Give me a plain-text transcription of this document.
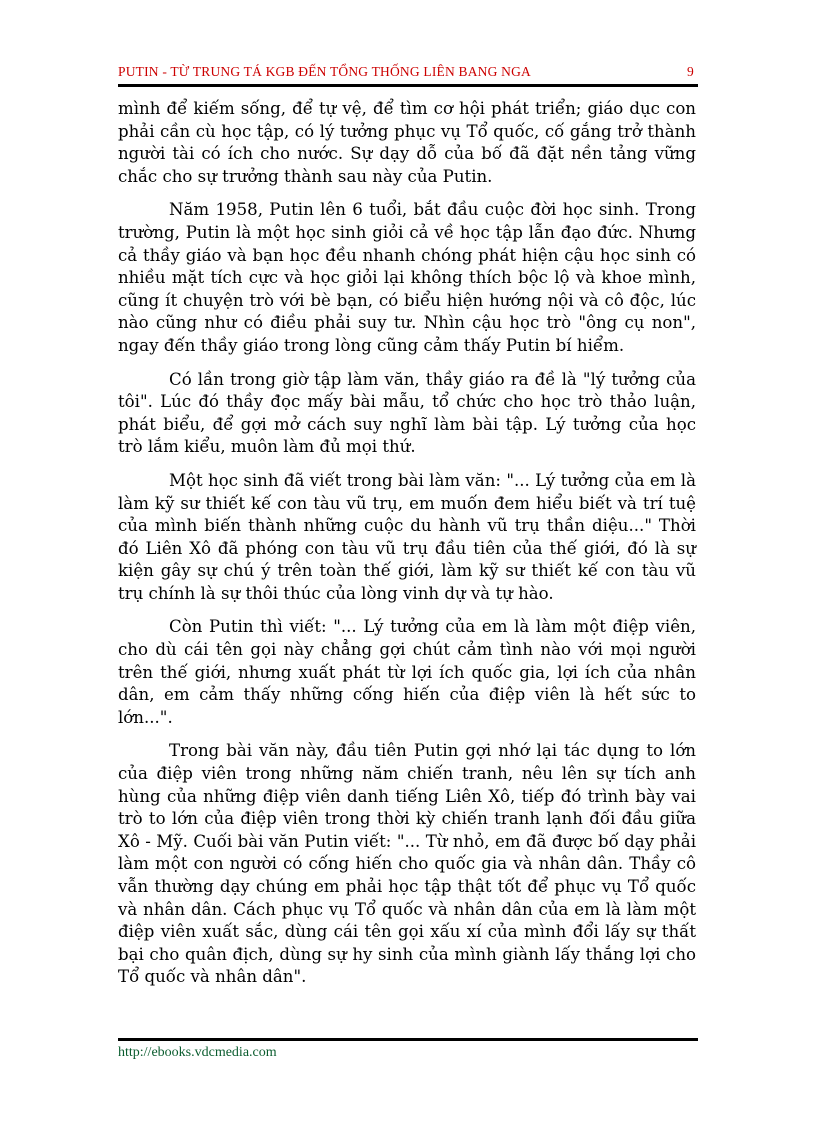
PUTIN - TỪ TRUNG TÁ KGB ĐẾN TỔNG THỐNG LIÊN BANG NGA	9

mình để kiếm sống, để tự vệ, để tìm cơ hội phát triển; giáo dục con phải cần cù học tập, có lý tưởng phục vụ Tổ quốc, cố gắng trở thành người tài có ích cho nước. Sự dạy dỗ của bố đã đặt nền tảng vững chắc cho sự trưởng thành sau này của Putin.

Năm 1958, Putin lên 6 tuổi, bắt đầu cuộc đời học sinh. Trong trường, Putin là một học sinh giỏi cả về học tập lẫn đạo đức. Nhưng cả thầy giáo và bạn học đều nhanh chóng phát hiện cậu học sinh có nhiều mặt tích cực và học giỏi lại không thích bộc lộ và khoe mình, cũng ít chuyện trò với bè bạn, có biểu hiện hướng nội và cô độc, lúc nào cũng như có điều phải suy tư. Nhìn cậu học trò "ông cụ non", ngay đến thầy giáo trong lòng cũng cảm thấy Putin bí hiểm.

Có lần trong giờ tập làm văn, thầy giáo ra đề là "lý tưởng của tôi". Lúc đó thầy đọc mấy bài mẫu, tổ chức cho học trò thảo luận, phát biểu, để gợi mở cách suy nghĩ làm bài tập. Lý tưởng của học trò lắm kiểu, muôn làm đủ mọi thứ.

Một học sinh đã viết trong bài làm văn: "... Lý tưởng của em là làm kỹ sư thiết kế con tàu vũ trụ, em muốn đem hiểu biết và trí tuệ của mình biến thành những cuộc du hành vũ trụ thần diệu..." Thời đó Liên Xô đã phóng con tàu vũ trụ đầu tiên của thế giới, đó là sự kiện gây sự chú ý trên toàn thế giới, làm kỹ sư thiết kế con tàu vũ trụ chính là sự thôi thúc của lòng vinh dự và tự hào.

Còn Putin thì viết: "... Lý tưởng của em là làm một điệp viên, cho dù cái tên gọi này chẳng gợi chút cảm tình nào với mọi người trên thế giới, nhưng xuất phát từ lợi ích quốc gia, lợi ích của nhân dân, em cảm thấy những cống hiến của điệp viên là hết sức to lớn...".

Trong bài văn này, đầu tiên Putin gợi nhớ lại tác dụng to lớn của điệp viên trong những năm chiến tranh, nêu lên sự tích anh hùng của những điệp viên danh tiếng Liên Xô, tiếp đó trình bày vai trò to lớn của điệp viên trong thời kỳ chiến tranh lạnh đối đầu giữa Xô - Mỹ. Cuối bài văn Putin viết: "... Từ nhỏ, em đã được bố dạy phải làm một con người có cống hiến cho quốc gia và nhân dân. Thầy cô vẫn thường dạy chúng em phải học tập thật tốt để phục vụ Tổ quốc và nhân dân. Cách phục vụ Tổ quốc và nhân dân của em là làm một điệp viên xuất sắc, dùng cái tên gọi xấu xí của mình đổi lấy sự thất bại cho quân địch, dùng sự hy sinh của mình giành lấy thắng lợi cho Tổ quốc và nhân dân".

http://ebooks.vdcmedia.com
